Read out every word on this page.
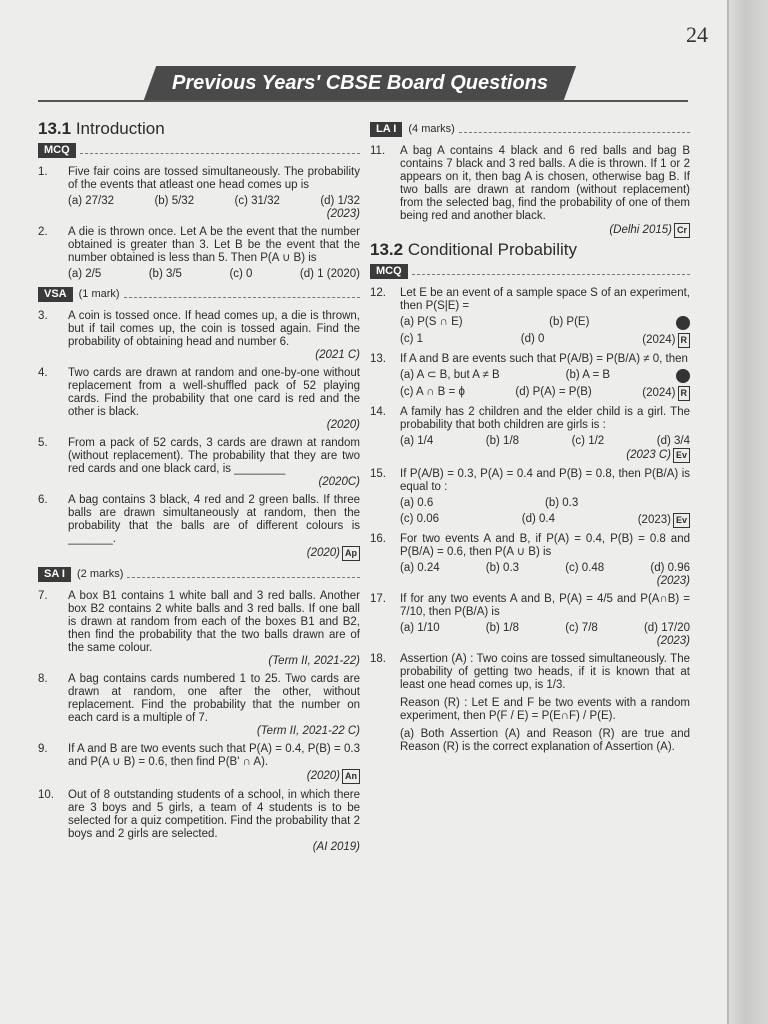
24
Previous Years' CBSE Board Questions
13.1 Introduction
MCQ
1.	Five fair coins are tossed simultaneously. The probability of the events that atleast one head comes up is
(a) 27/32	(b) 5/32	(c) 31/32	(d) 1/32
(2023)
2.	A die is thrown once. Let A be the event that the number obtained is greater than 3. Let B be the event that the number obtained is less than 5. Then P(A ∪ B) is
(a) 2/5	(b) 3/5	(c) 0	(d) 1 (2020)
VSA	(1 mark)
3.	A coin is tossed once. If head comes up, a die is thrown, but if tail comes up, the coin is tossed again. Find the probability of obtaining head and number 6.
(2021 C)
4.	Two cards are drawn at random and one-by-one without replacement from a well-shuffled pack of 52 playing cards. Find the probability that one card is red and the other is black.
(2020)
5.	From a pack of 52 cards, 3 cards are drawn at random (without replacement). The probability that they are two red cards and one black card, is ________
(2020C)
6.	A bag contains 3 black, 4 red and 2 green balls. If three balls are drawn simultaneously at random, then the probability that the balls are of different colours is _______.
(2020) Ap
SA I	(2 marks)
7.	A box B1 contains 1 white ball and 3 red balls. Another box B2 contains 2 white balls and 3 red balls. If one ball is drawn at random from each of the boxes B1 and B2, then find the probability that the two balls drawn are of the same colour.
(Term II, 2021-22)
8.	A bag contains cards numbered 1 to 25. Two cards are drawn at random, one after the other, without replacement. Find the probability that the number on each card is a multiple of 7.
(Term II, 2021-22 C)
9.	If A and B are two events such that P(A) = 0.4, P(B) = 0.3 and P(A ∪ B) = 0.6, then find P(B' ∩ A).
(2020) An
10.	Out of 8 outstanding students of a school, in which there are 3 boys and 5 girls, a team of 4 students is to be selected for a quiz competition. Find the probability that 2 boys and 2 girls are selected.
(AI 2019)
LA I	(4 marks)
11.	A bag A contains 4 black and 6 red balls and bag B contains 7 black and 3 red balls. A die is thrown. If 1 or 2 appears on it, then bag A is chosen, otherwise bag B. If two balls are drawn at random (without replacement) from the selected bag, find the probability of one of them being red and another black.
(Delhi 2015) Cr
13.2 Conditional Probability
MCQ
12.	Let E be an event of a sample space S of an experiment, then P(S|E) =
(a) P(S ∩ E)	(b) P(E)
(c) 1	(d) 0	(2024) R
13.	If A and B are events such that P(A/B) = P(B/A) ≠ 0, then
(a) A ⊂ B, but A ≠ B	(b) A = B
(c) A ∩ B = ϕ	(d) P(A) = P(B)	(2024) R
14.	A family has 2 children and the elder child is a girl. The probability that both children are girls is :
(a) 1/4	(b) 1/8	(c) 1/2	(d) 3/4
(2023 C) Ev
15.	If P(A/B) = 0.3, P(A) = 0.4 and P(B) = 0.8, then P(B/A) is equal to :
(a) 0.6	(b) 0.3
(c) 0.06	(d) 0.4	(2023) Ev
16.	For two events A and B, if P(A) = 0.4, P(B) = 0.8 and P(B/A) = 0.6, then P(A ∪ B) is
(a) 0.24	(b) 0.3	(c) 0.48	(d) 0.96
(2023)
17.	If for any two events A and B, P(A) = 4/5 and P(A∩B) = 7/10, then P(B/A) is
(a) 1/10	(b) 1/8	(c) 7/8	(d) 17/20
(2023)
18.	Assertion (A) : Two coins are tossed simultaneously. The probability of getting two heads, if it is known that at least one head comes up, is 1/3.
Reason (R) : Let E and F be two events with a random experiment, then P(F / E) = P(E∩F) / P(E).
(a) Both Assertion (A) and Reason (R) are true and Reason (R) is the correct explanation of Assertion (A).
